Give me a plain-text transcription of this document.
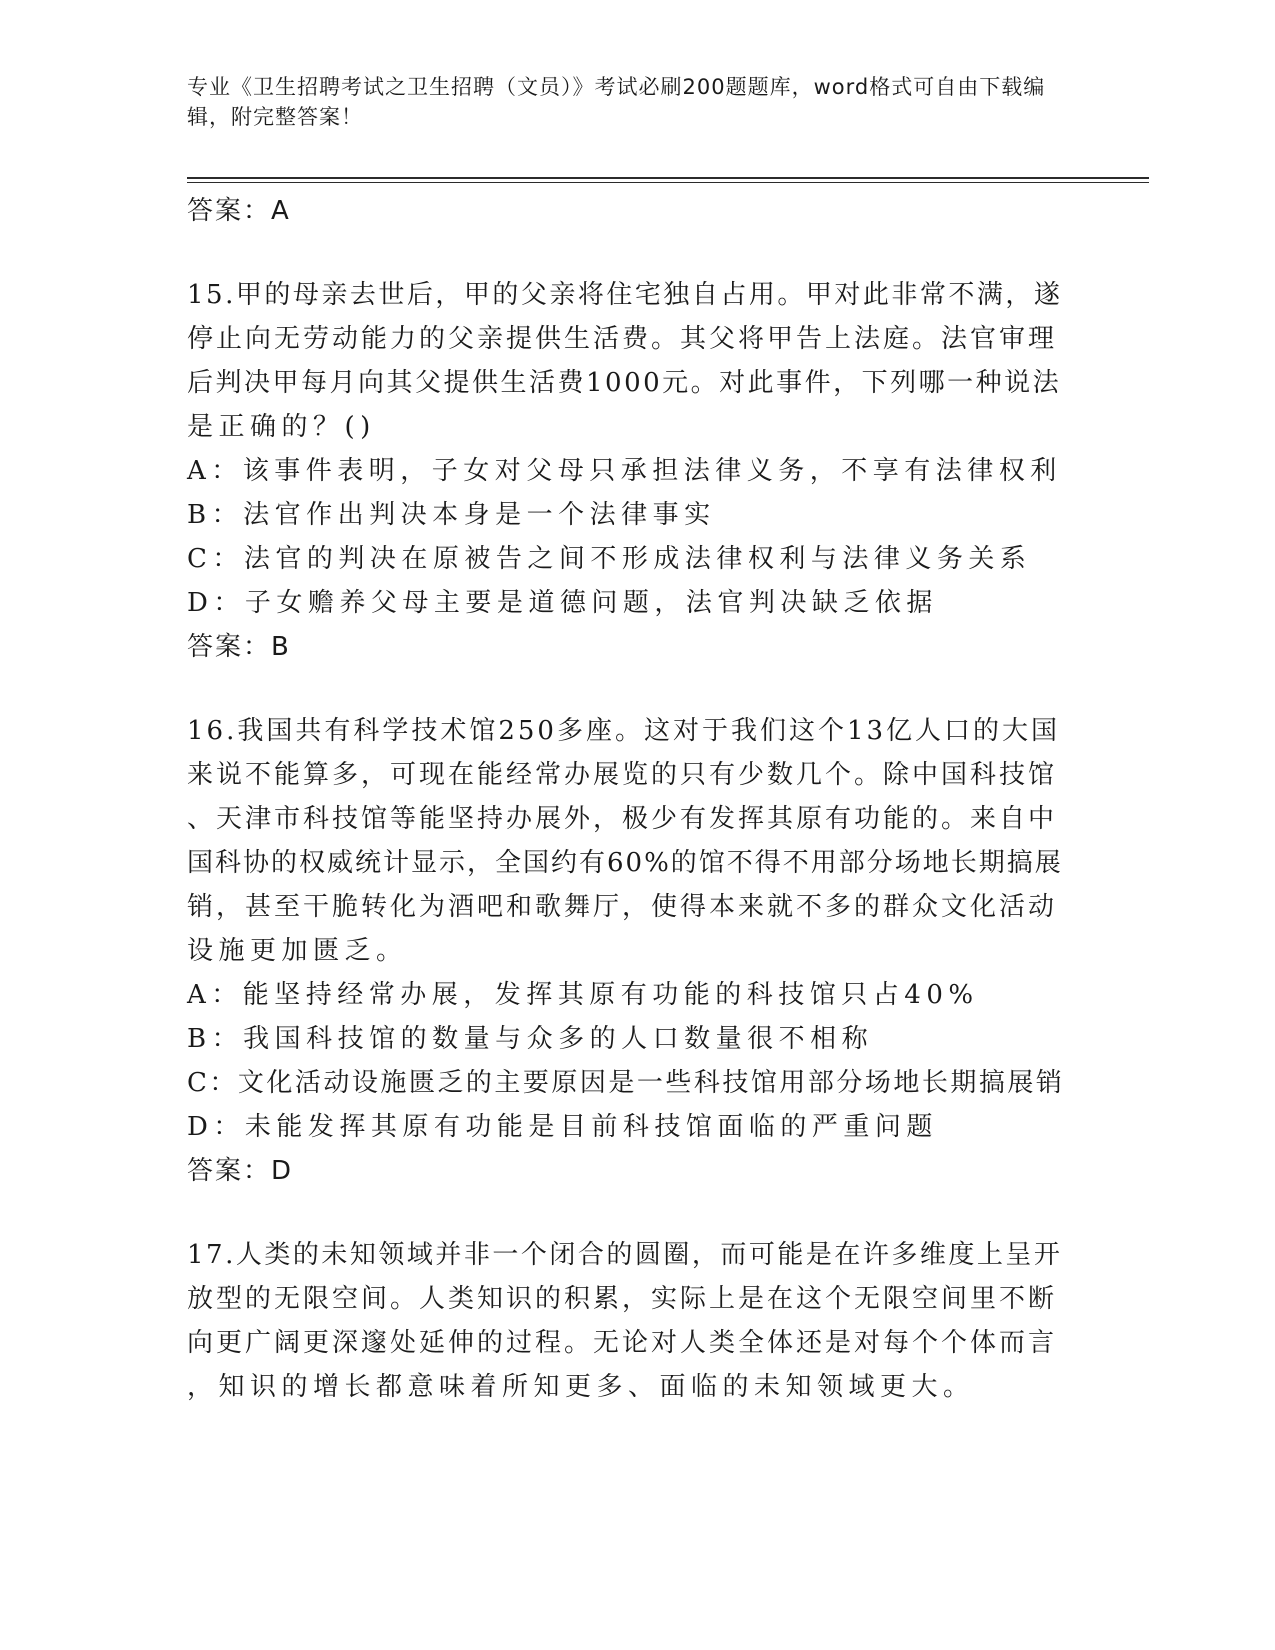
专业《卫生招聘考试之卫生招聘（文员）》考试必刷200题题库，word格式可自由下载编辑，附完整答案！
答案：A
15.甲的母亲去世后，甲的父亲将住宅独自占用。甲对此非常不满，遂
停止向无劳动能力的父亲提供生活费。其父将甲告上法庭。法官审理
后判决甲每月向其父提供生活费1000元。对此事件，下列哪一种说法
是正确的？()
A：该事件表明，子女对父母只承担法律义务，不享有法律权利
B：法官作出判决本身是一个法律事实
C：法官的判决在原被告之间不形成法律权利与法律义务关系
D：子女赡养父母主要是道德问题，法官判决缺乏依据
答案：B
16.我国共有科学技术馆250多座。这对于我们这个13亿人口的大国
来说不能算多，可现在能经常办展览的只有少数几个。除中国科技馆
、天津市科技馆等能坚持办展外，极少有发挥其原有功能的。来自中
国科协的权威统计显示，全国约有60%的馆不得不用部分场地长期搞展
销，甚至干脆转化为酒吧和歌舞厅，使得本来就不多的群众文化活动
设施更加匮乏。
A：能坚持经常办展，发挥其原有功能的科技馆只占40%
B：我国科技馆的数量与众多的人口数量很不相称
C：文化活动设施匮乏的主要原因是一些科技馆用部分场地长期搞展销
D：未能发挥其原有功能是目前科技馆面临的严重问题
答案：D
17.人类的未知领域并非一个闭合的圆圈，而可能是在许多维度上呈开
放型的无限空间。人类知识的积累，实际上是在这个无限空间里不断
向更广阔更深邃处延伸的过程。无论对人类全体还是对每个个体而言
，知识的增长都意味着所知更多、面临的未知领域更大。
